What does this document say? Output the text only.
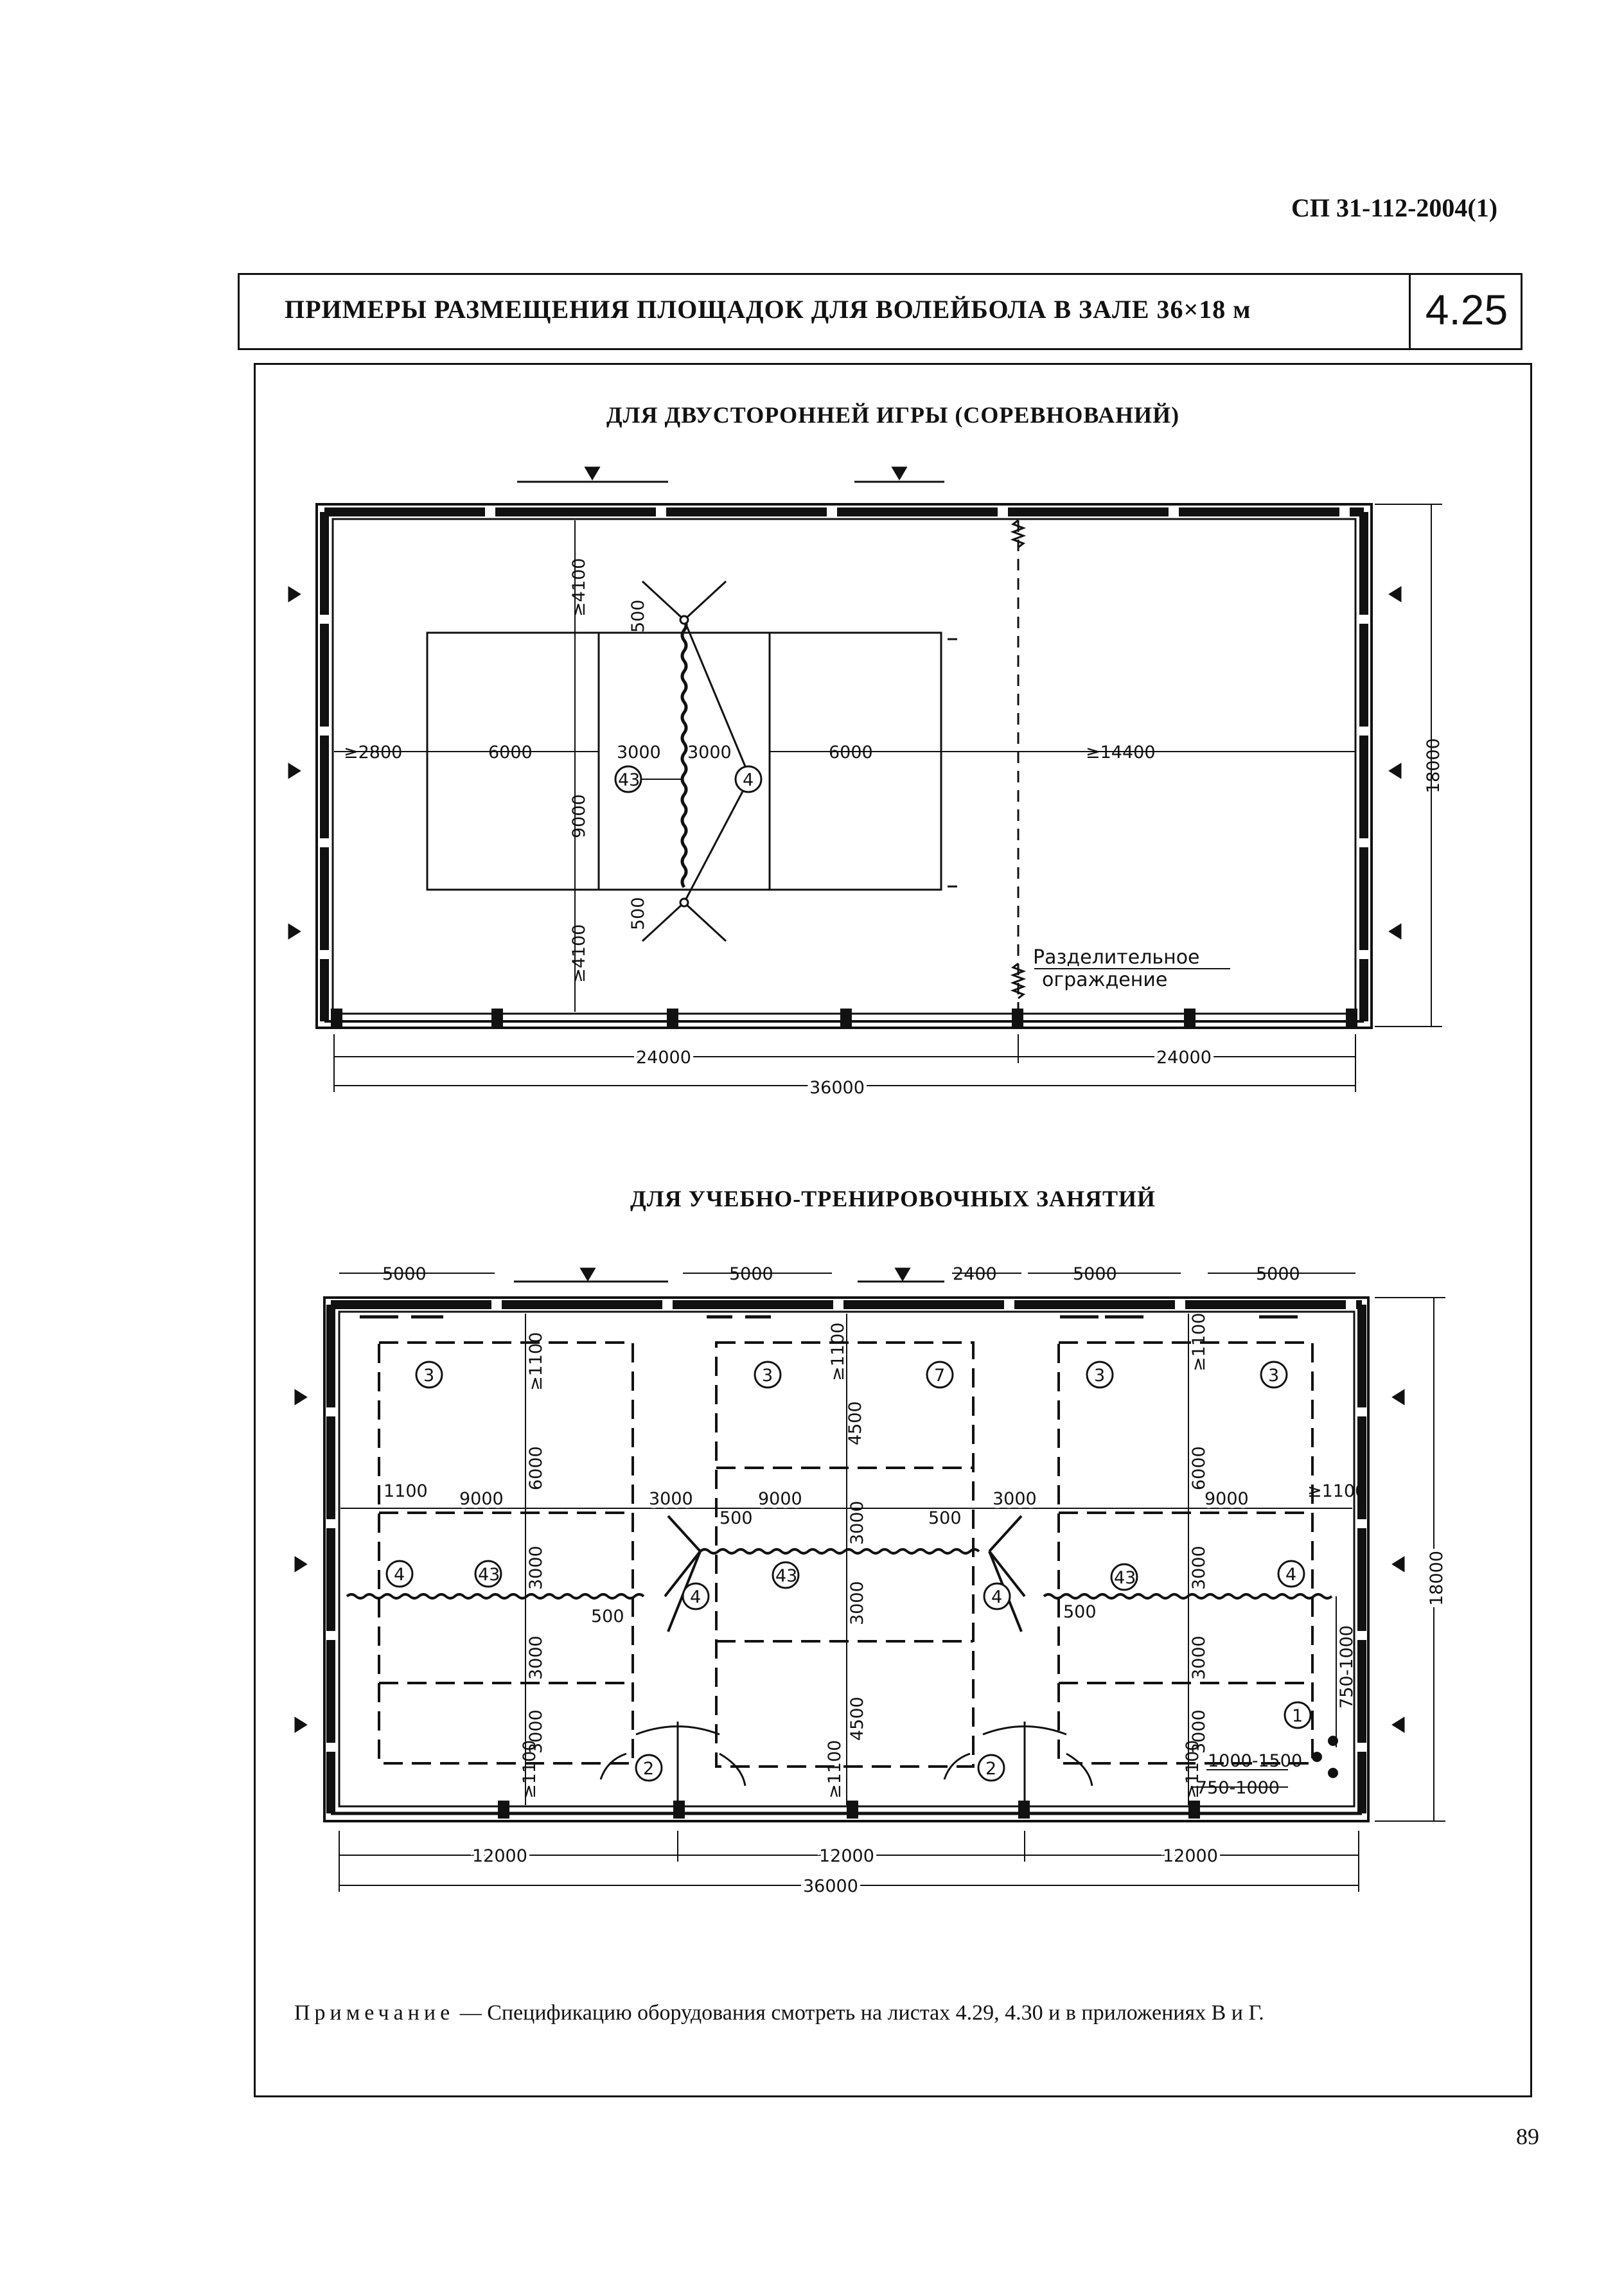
СП 31-112-2004(1)
ПРИМЕРЫ РАЗМЕЩЕНИЯ ПЛОЩАДОК ДЛЯ ВОЛЕЙБОЛА В ЗАЛЕ 36×18 м	4.25
ДЛЯ ДВУСТОРОННЕЙ ИГРЫ (СОРЕВНОВАНИЙ)
ДЛЯ УЧЕБНО-ТРЕНИРОВОЧНЫХ ЗАНЯТИЙ
Разделительное
ограждение
≥2800	6000	3000 3000	6000	≥14400
≥4100
9000
≥4100
500
500
43	4	18000
24000	24000
36000
5000	5000	2400	5000	5000
≥1100
6000
≥1100
4500
≥1100
6000
3000
3000
3000
≥1100
3000
3000
4500
≥1100
3000
3000
3000
≥1100
750-1000
1100 9000	3000	9000	3000	9000	≥1100
500	500
500	500
1000-1500
750-1000
3	3	7	3	3
4	43	43
4	4
43	4
2	2
1
18000
12000	12000	12000
36000
Примечание — Спецификацию оборудования смотреть на листах 4.29, 4.30 и в приложениях В и Г.
89
